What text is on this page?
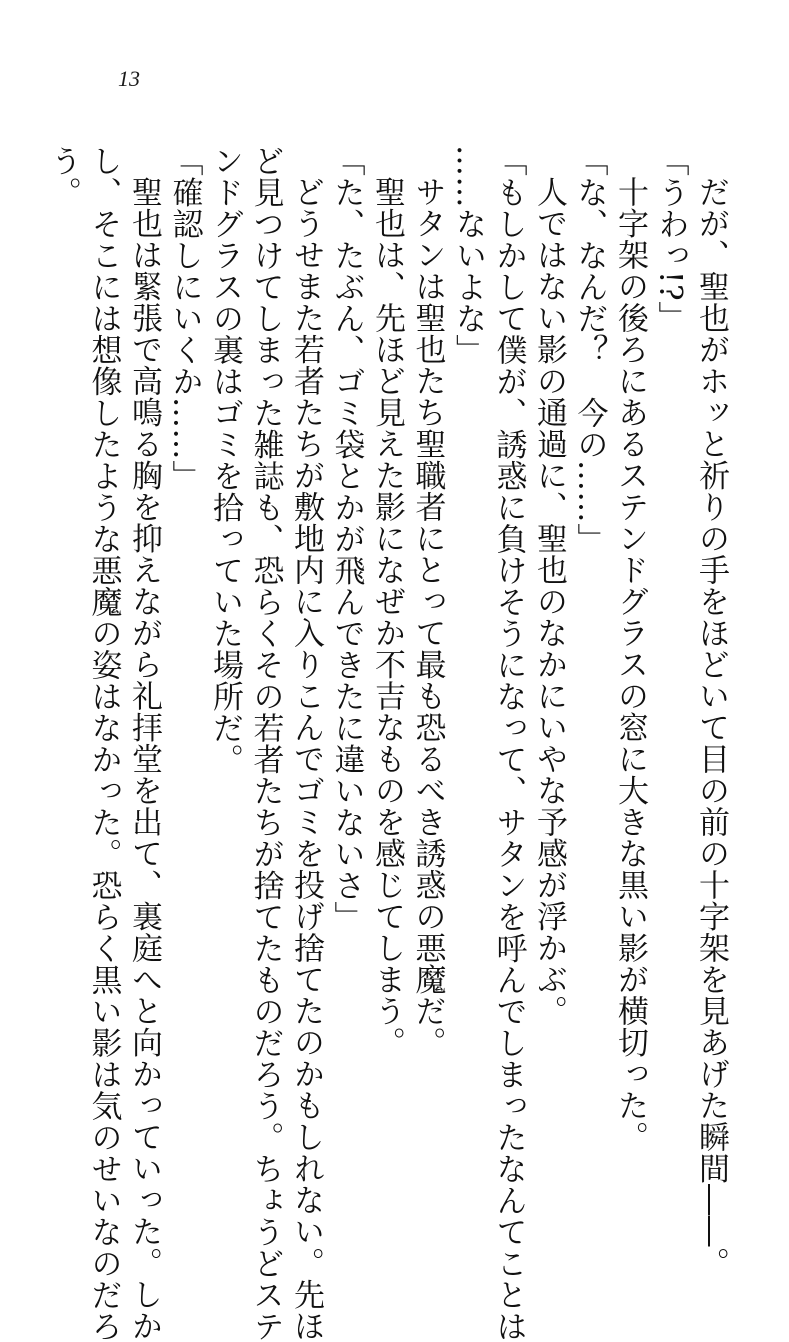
13
だが、聖也がホッと祈りの手をほどいて目の前の十字架を見あげた瞬間――。
「うわっ!?」
十字架の後ろにあるステンドグラスの窓に大きな黒い影が横切った。
「な、なんだ？　今の……」
人ではない影の通過に、聖也のなかにいやな予感が浮かぶ。
「もしかして僕が、誘惑に負けそうになって、サタンを呼んでしまったなんてことは
……ないよな」
サタンは聖也たち聖職者にとって最も恐るべき誘惑の悪魔だ。
聖也は、先ほど見えた影になぜか不吉なものを感じてしまう。
「た、たぶん、ゴミ袋とかが飛んできたに違いないさ」
どうせまた若者たちが敷地内に入りこんでゴミを投げ捨てたのかもしれない。先ほ
ど見つけてしまった雑誌も、恐らくその若者たちが捨てたものだろう。ちょうどステ
ンドグラスの裏はゴミを拾っていた場所だ。
「確認しにいくか……」
聖也は緊張で高鳴る胸を抑えながら礼拝堂を出て、裏庭へと向かっていった。しか
し、そこには想像したような悪魔の姿はなかった。恐らく黒い影は気のせいなのだろ
う。
